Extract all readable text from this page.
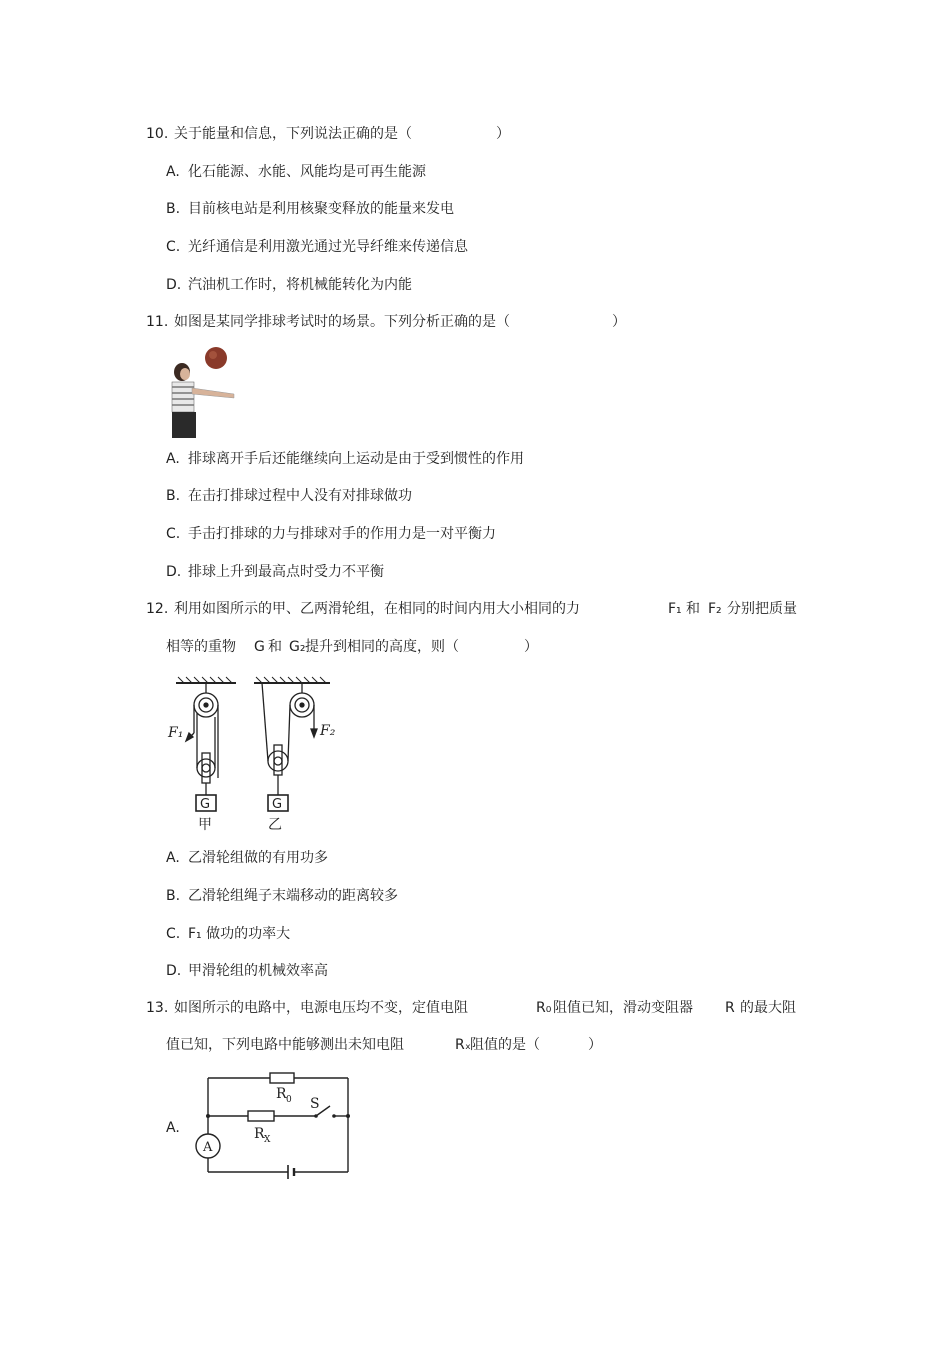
10. 关于能量和信息，下列说法正确的是（	）
A. 化石能源、水能、风能均是可再生能源
B. 目前核电站是利用核聚变释放的能量来发电
C. 光纤通信是利用激光通过光导纤维来传递信息
D. 汽油机工作时，将机械能转化为内能
11. 如图是某同学排球考试时的场景。下列分析正确的是（	）
A. 排球离开手后还能继续向上运动是由于受到惯性的作用
B. 在击打排球过程中人没有对排球做功
C. 手击打排球的力与排球对手的作用力是一对平衡力
D. 排球上升到最高点时受力不平衡
12. 利用如图所示的甲、乙两滑轮组，在相同的时间内用大小相同的力	F₁ 和 F₂ 分别把质量
相等的重物 G 和 G₂ 提升到相同的高度，则（	）
F₁	F₂
G	G
甲	乙
A. 乙滑轮组做的有用功多
B. 乙滑轮组绳子末端移动的距离较多
C. F₁ 做功的功率大
D. 甲滑轮组的机械效率高
13. 如图所示的电路中，电源电压均不变，定值电阻	R₀ 阻值已知，滑动变阻器 R 的最大阻
值已知，下列电路中能够测出未知电阻	Rₓ 阻值的是（	）
A.
R 0
R X
S
A
